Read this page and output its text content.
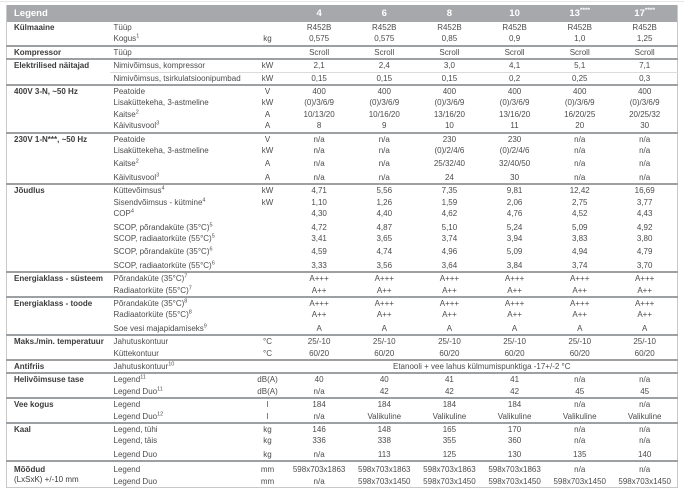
Legend			4	6	8	10	13****	17****

Külmaaine	Tüüp		R452B	R452B	R452B	R452B	R452B	R452B
	Kogus$^1$	kg	0,575	0,575	0,85	0,9	1,0	1,25

Kompressor	Tüüp		Scroll	Scroll	Scroll	Scroll	Scroll	Scroll

Elektrilised näitajad	Nimivõimsus, kompressor	kW	2,1	2,4	3,0	4,1	5,1	7,1
	Nimivõimsus, tsirkulatsioonipumbad	kW	0,15	0,15	0,15	0,2	0,25	0,3

400V 3-N, ~50 Hz	Peatoide	V	400	400	400	400	400	400
	Lisaküttekeha, 3-astmeline	kW	(0)/3/6/9	(0)/3/6/9	(0)/3/6/9	(0)/3/6/9	(0)/3/6/9	(0)/3/6/9
	Kaitse$^2$	A	10/13/20	10/16/20	13/16/20	13/16/20	16/20/25	20/25/32
	Käivitusvool$^3$	A	8	9	10	11	20	30

230V 1-N***, ~50 Hz	Peatoide	V	n/a	n/a	230	230	n/a	n/a
	Lisaküttekeha, 3-astmeline	kW	n/a	n/a	(0)/2/4/6	(0)/2/4/6	n/a	n/a
	Kaitse$^2$	A	n/a	n/a	25/32/40	32/40/50	n/a	n/a
	Käivitusvool$^3$	A	n/a	n/a	24	30	n/a	n/a

Jõudlus	Küttevõimsus$^4$	kW	4,71	5,56	7,35	9,81	12,42	16,69
	Sisendvõimsus - kütmine$^4$	kW	1,10	1,26	1,59	2,06	2,75	3,77
	COP$^4$		4,30	4,40	4,62	4,76	4,52	4,43
	SCOP, põrandaküte $(35^\circ C)^5$		4,72	4,87	5,10	5,24	5,09	4,92
	SCOP, radiaatorküte $(55^\circ C)^5$		3,41	3,65	3,74	3,94	3,83	3,80
	SCOP, põrandaküte $(35^\circ C)^6$		4,59	4,74	4,96	5,09	4,94	4,79
	SCOP, radiaatorküte $(55^\circ C)^6$		3,33	3,56	3,64	3,84	3,74	3,70

Energiaklass - süsteem	Põrandaküte $(35^\circ C)^7$		A+++	A+++	A+++	A+++	A+++	A+++
	Radiaatorküte $(55^\circ C)^7$		A++	A++	A++	A++	A++	A++

Energiaklass - toode	Põrandaküte $(35^\circ C)^8$		A+++	A+++	A+++	A+++	A+++	A+++
	Radiaatorküte $(55^\circ C)^8$		A++	A++	A++	A++	A++	A++
	Soe vesi majapidamiseks$^9$		A	A	A	A	A	A

Maks./min. temperatuur	Jahutuskontuur	°C	25/-10	25/-10	25/-10	25/-10	25/-10	25/-10
	Küttekontuur	°C	60/20	60/20	60/20	60/20	60/20	60/20

Antifriis	Jahutuskontuur$^{10}$		Etanooli + vee lahus külmumispunktiga -17+/-2 °C					

Helivõimsuse tase	Legend$^{11}$	dB(A)	40	40	41	41	n/a	n/a
	Legend Duo$^{11}$	dB(A)	n/a	42	42	42	45	45

Vee kogus	Legend	l	184	184	184	184	n/a	n/a
	Legend Duo$^{12}$	l	n/a	Valikuline	Valikuline	Valikuline	Valikuline	Valikuline

Kaal	Legend, tühi	kg	146	148	165	170	n/a	n/a
	Legend, täis	kg	336	338	355	360	n/a	n/a
	Legend Duo	kg	n/a	113	125	130	135	140

Mõõdud
(LxSxK) +/-10 mm	Legend	mm	598x703x1863	598x703x1863	598x703x1863	598x703x1863	n/a	n/a
	Legend Duo	mm	n/a	598x703x1450	598x703x1450	598x703x1450	598x703x1450	598x703x1450
